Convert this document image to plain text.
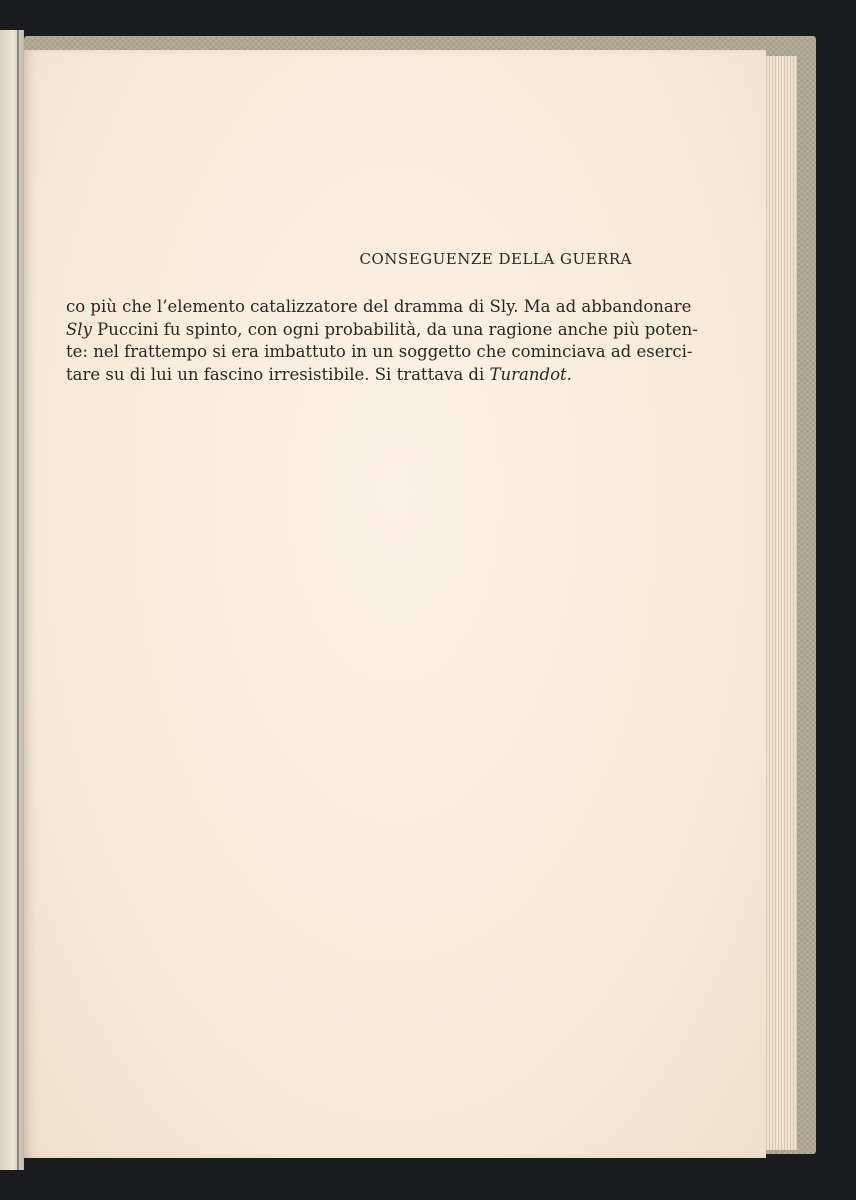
CONSEGUENZE DELLA GUERRA
co più che l’elemento catalizzatore del dramma di Sly. Ma ad abbandonare
Sly Puccini fu spinto, con ogni probabilità, da una ragione anche più poten-
te: nel frattempo si era imbattuto in un soggetto che cominciava ad eserci-
tare su di lui un fascino irresistibile. Si trattava di Turandot.
